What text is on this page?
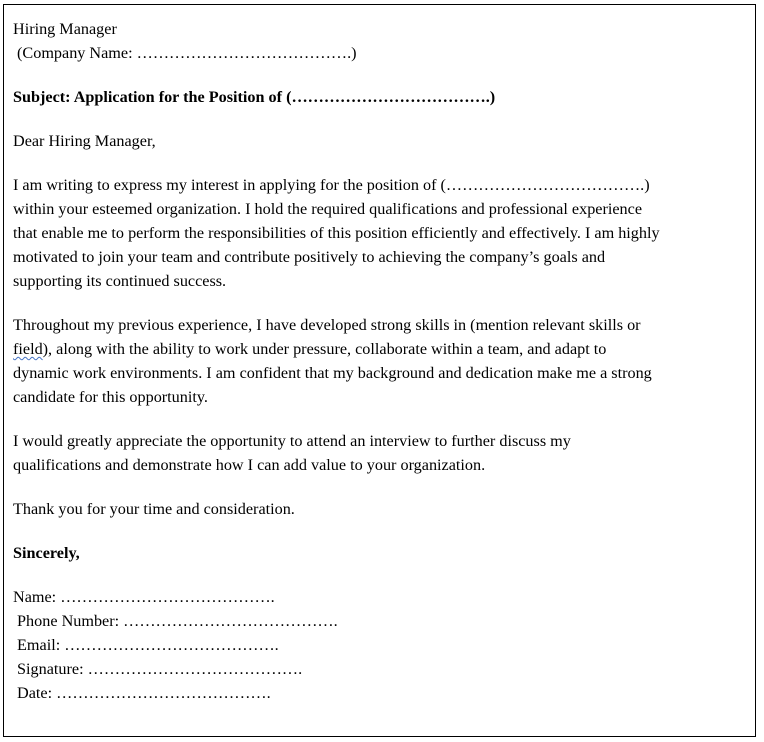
Hiring Manager
(Company Name: ………………………………….)
Subject: Application for the Position of (……………………………….)
Dear Hiring Manager,
I am writing to express my interest in applying for the position of (……………………………….)
within your esteemed organization. I hold the required qualifications and professional experience
that enable me to perform the responsibilities of this position efficiently and effectively. I am highly
motivated to join your team and contribute positively to achieving the company’s goals and
supporting its continued success.
Throughout my previous experience, I have developed strong skills in (mention relevant skills or
field), along with the ability to work under pressure, collaborate within a team, and adapt to
dynamic work environments. I am confident that my background and dedication make me a strong
candidate for this opportunity.
I would greatly appreciate the opportunity to attend an interview to further discuss my
qualifications and demonstrate how I can add value to your organization.
Thank you for your time and consideration.
Sincerely,
Name: ………………………………….
Phone Number: ………………………………….
Email: ………………………………….
Signature: ………………………………….
Date: ………………………………….
